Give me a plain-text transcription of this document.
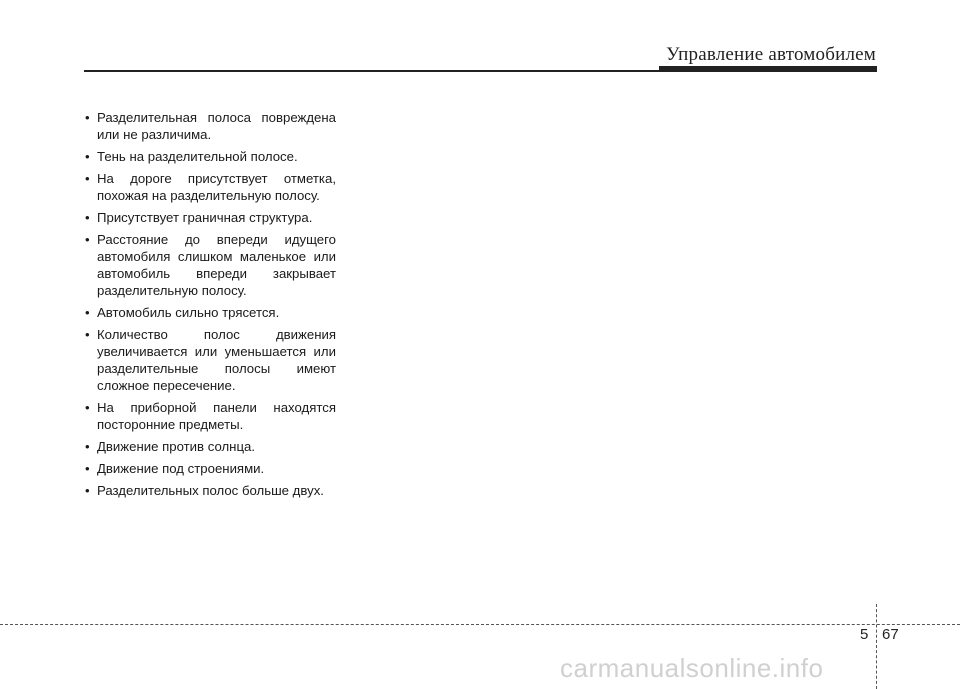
Управление автомобилем
• Разделительная полоса повреждена или не различима.
• Тень на разделительной полосе.
• На дороге присутствует отметка, похожая на разделительную полосу.
• Присутствует граничная структура.
• Расстояние до впереди идущего автомобиля слишком маленькое или автомобиль впереди закрывает разделительную полосу.
• Автомобиль сильно трясется.
• Количество полос движения увеличивается или уменьшается или разделительные полосы имеют сложное пересечение.
• На приборной панели находятся посторонние предметы.
• Движение против солнца.
• Движение под строениями.
• Разделительных полос больше двух.
5 67
carmanualsonline.info
